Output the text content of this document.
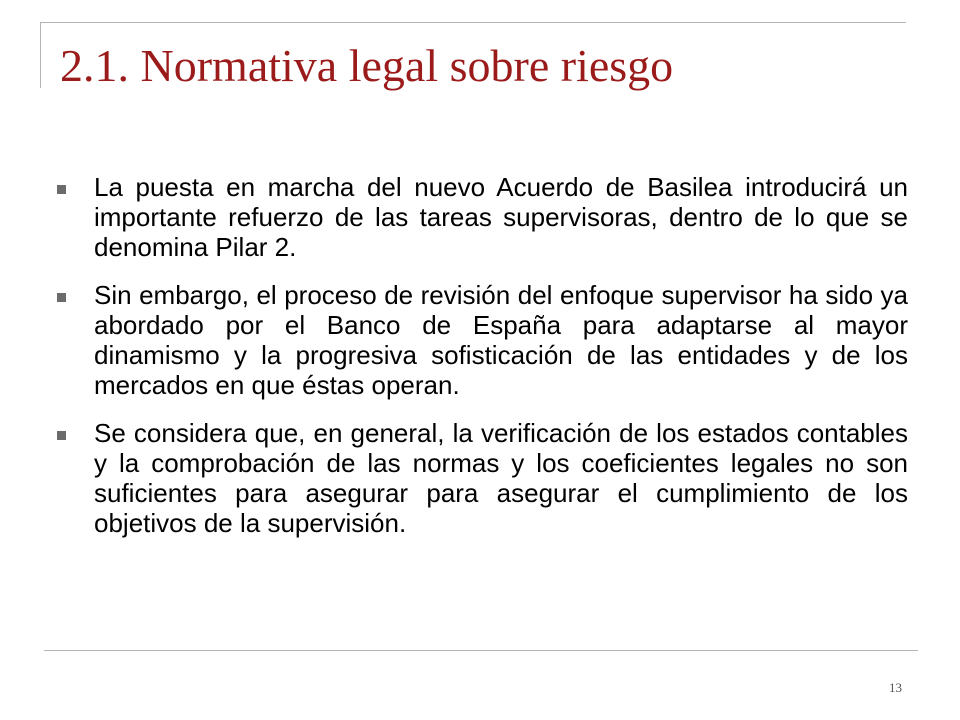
2.1. Normativa legal sobre riesgo
La puesta en marcha del nuevo Acuerdo de Basilea introducirá un importante refuerzo de las tareas supervisoras, dentro de lo que se denomina Pilar 2.
Sin embargo, el proceso de revisión del enfoque supervisor ha sido ya abordado por el Banco de España para adaptarse al mayor dinamismo y la progresiva sofisticación de las entidades y de los mercados en que éstas operan.
Se considera que, en general, la verificación de los estados contables y la comprobación de las normas y los coeficientes legales no son suficientes para asegurar para asegurar el cumplimiento de los objetivos de la supervisión.
13
